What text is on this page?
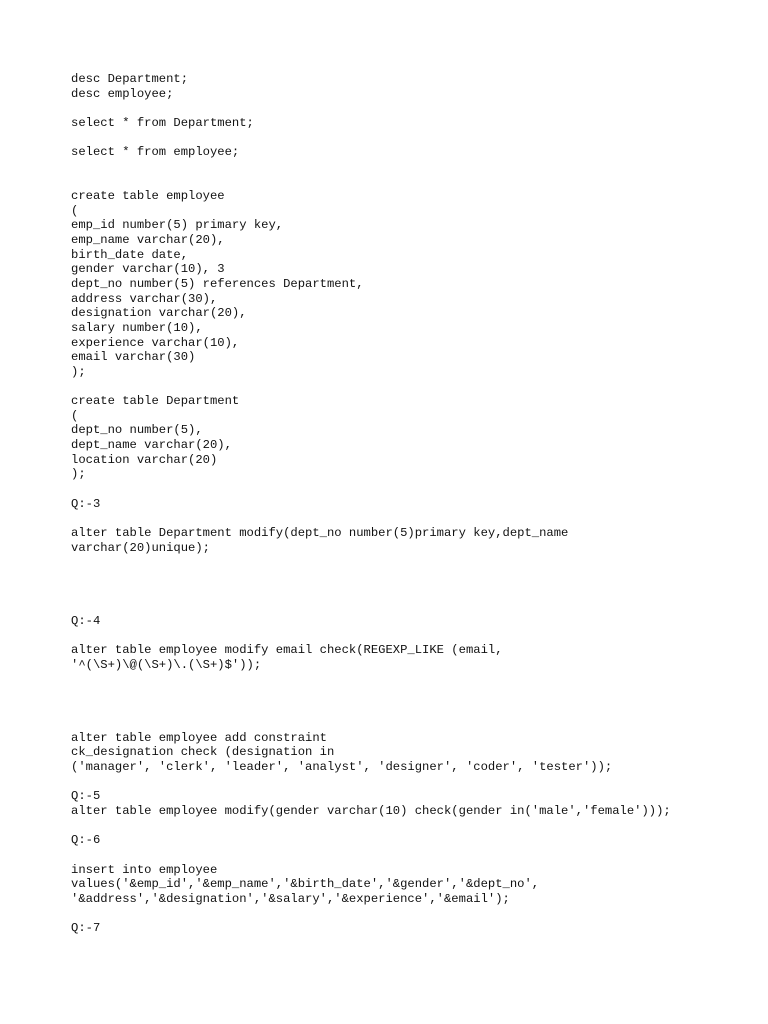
desc Department;
desc employee;
select * from Department;
select * from employee;
create table employee
(
emp_id number(5) primary key,
emp_name varchar(20),
birth_date date,
gender varchar(10), 3
dept_no number(5) references Department,
address varchar(30),
designation varchar(20),
salary number(10),
experience varchar(10),
email varchar(30)
);
create table Department
(
dept_no number(5),
dept_name varchar(20),
location varchar(20)
);
Q:-3
alter table Department modify(dept_no number(5)primary key,dept_name
varchar(20)unique);
Q:-4
alter table employee modify email check(REGEXP_LIKE (email,
'^(\S+)\@(\S+)\.(\S+)$'));
alter table employee add constraint
ck_designation check (designation in
('manager', 'clerk', 'leader', 'analyst', 'designer', 'coder', 'tester'));
Q:-5
alter table employee modify(gender varchar(10) check(gender in('male','female')));
Q:-6
insert into employee
values('&emp_id','&emp_name','&birth_date','&gender','&dept_no',
'&address','&designation','&salary','&experience','&email');
Q:-7
